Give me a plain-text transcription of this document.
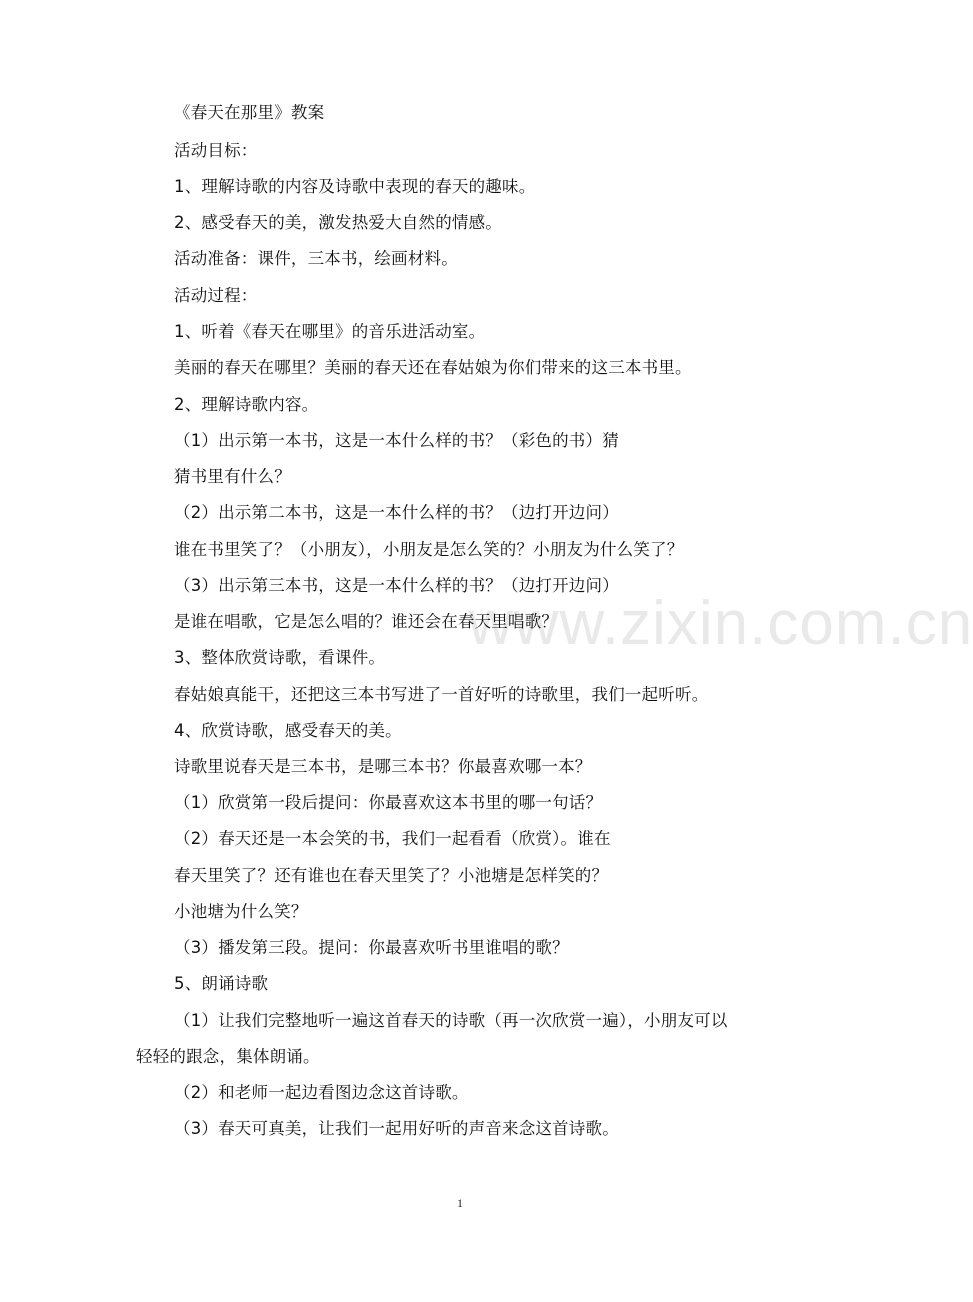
www.zixin.com.cn
《春天在那里》教案
活动目标：
1、理解诗歌的内容及诗歌中表现的春天的趣味。
2、感受春天的美，激发热爱大自然的情感。
活动准备：课件，三本书，绘画材料。
活动过程：
1、听着《春天在哪里》的音乐进活动室。
美丽的春天在哪里？美丽的春天还在春姑娘为你们带来的这三本书里。
2、理解诗歌内容。
（1）出示第一本书，这是一本什么样的书？（彩色的书）猜
猜书里有什么？
（2）出示第二本书，这是一本什么样的书？（边打开边问）
谁在书里笑了？（小朋友），小朋友是怎么笑的？小朋友为什么笑了？
（3）出示第三本书，这是一本什么样的书？（边打开边问）
是谁在唱歌，它是怎么唱的？谁还会在春天里唱歌？
3、整体欣赏诗歌，看课件。
春姑娘真能干，还把这三本书写进了一首好听的诗歌里，我们一起听听。
4、欣赏诗歌，感受春天的美。
诗歌里说春天是三本书，是哪三本书？你最喜欢哪一本？
（1）欣赏第一段后提问：你最喜欢这本书里的哪一句话？
（2）春天还是一本会笑的书，我们一起看看（欣赏）。谁在
春天里笑了？还有谁也在春天里笑了？小池塘是怎样笑的？
小池塘为什么笑？
（3）播发第三段。提问：你最喜欢听书里谁唱的歌？
5、朗诵诗歌
（1）让我们完整地听一遍这首春天的诗歌（再一次欣赏一遍），小朋友可以
轻轻的跟念，集体朗诵。
（2）和老师一起边看图边念这首诗歌。
（3）春天可真美，让我们一起用好听的声音来念这首诗歌。
1
